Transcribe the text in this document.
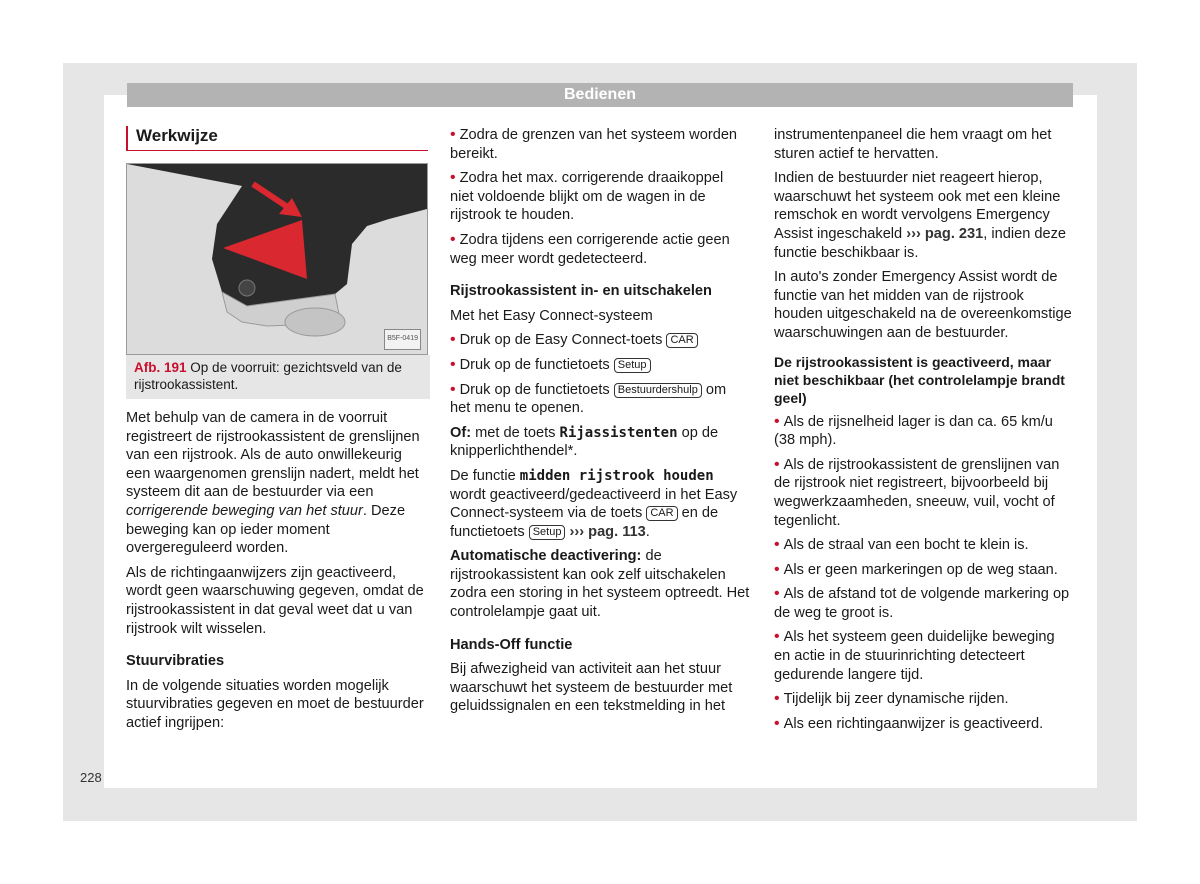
Bedienen
Werkwijze
B5F-0419
Afb. 191 Op de voorruit: gezichtsveld van de rijstrookassistent.

Met behulp van de camera in de voorruit registreert de rijstrookassistent de grenslijnen van een rijstrook. Als de auto onwillekeurig een waargenomen grenslijn nadert, meldt het systeem dit aan de bestuurder via een corrigerende beweging van het stuur. Deze beweging kan op ieder moment overgereguleerd worden.

Als de richtingaanwijzers zijn geactiveerd, wordt geen waarschuwing gegeven, omdat de rijstrookassistent in dat geval weet dat u van rijstrook wilt wisselen.

Stuurvibraties

In de volgende situaties worden mogelijk stuurvibraties gegeven en moet de bestuurder actief ingrijpen:

• Zodra de grenzen van het systeem worden bereikt.

• Zodra het max. corrigerende draaikoppel niet voldoende blijkt om de wagen in de rijstrook te houden.

• Zodra tijdens een corrigerende actie geen weg meer wordt gedetecteerd.

Rijstrookassistent in- en uitschakelen

Met het Easy Connect-systeem

• Druk op de Easy Connect-toets CAR

• Druk op de functietoets Setup

• Druk op de functietoets Bestuurdershulp om het menu te openen.

Of: met de toets Rijassistenten op de knipperlichthendel*.

De functie midden rijstrook houden wordt geactiveerd/gedeactiveerd in het Easy Connect-systeem via de toets CAR en de functietoets Setup ››› pag. 113.

Automatische deactivering: de rijstrookassistent kan ook zelf uitschakelen zodra een storing in het systeem optreedt. Het controlelampje gaat uit.

Hands-Off functie

Bij afwezigheid van activiteit aan het stuur waarschuwt het systeem de bestuurder met geluidssignalen en een tekstmelding in het

instrumentenpaneel die hem vraagt om het sturen actief te hervatten.

Indien de bestuurder niet reageert hierop, waarschuwt het systeem ook met een kleine remschok en wordt vervolgens Emergency Assist ingeschakeld ››› pag. 231, indien deze functie beschikbaar is.

In auto's zonder Emergency Assist wordt de functie van het midden van de rijstrook houden uitgeschakeld na de overeenkomstige waarschuwingen aan de bestuurder.

De rijstrookassistent is geactiveerd, maar niet beschikbaar (het controlelampje brandt geel)

• Als de rijsnelheid lager is dan ca. 65 km/u (38 mph).

• Als de rijstrookassistent de grenslijnen van de rijstrook niet registreert, bijvoorbeeld bij wegwerkzaamheden, sneeuw, vuil, vocht of tegenlicht.

• Als de straal van een bocht te klein is.

• Als er geen markeringen op de weg staan.

• Als de afstand tot de volgende markering op de weg te groot is.

• Als het systeem geen duidelijke beweging en actie in de stuurinrichting detecteert gedurende langere tijd.

• Tijdelijk bij zeer dynamische rijden.

• Als een richtingaanwijzer is geactiveerd.

228
